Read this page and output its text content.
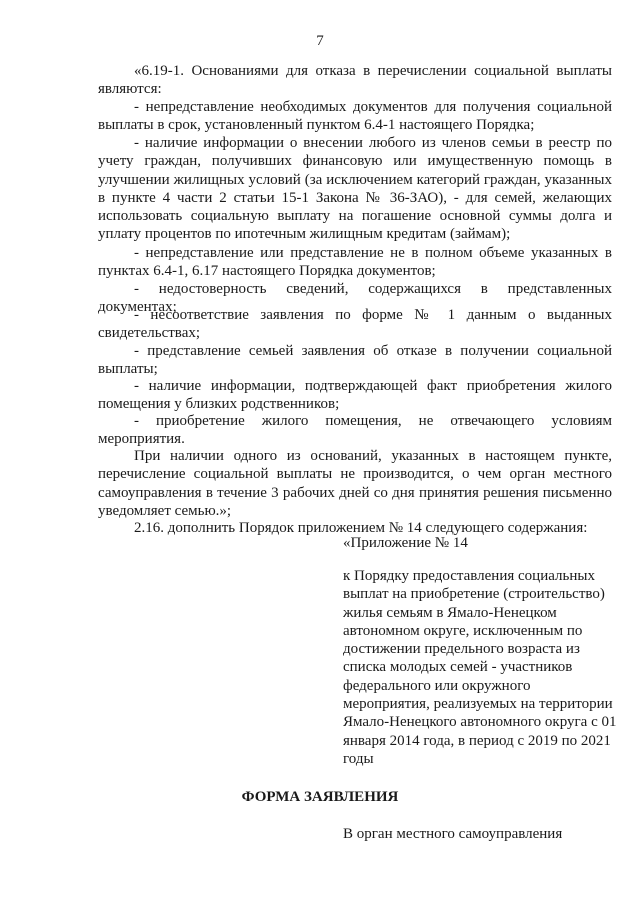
7
«6.19-1. Основаниями для отказа в перечислении социальной выплаты являются:
- непредставление необходимых документов для получения социальной выплаты в срок, установленный пунктом 6.4-1 настоящего Порядка;
- наличие информации о внесении любого из членов семьи в реестр по учету граждан, получивших финансовую или имущественную помощь в улучшении жилищных условий (за исключением категорий граждан, указанных в пункте 4 части 2 статьи 15-1 Закона № 36-ЗАО), - для семей, желающих использовать социальную выплату на погашение основной суммы долга и уплату процентов по ипотечным жилищным кредитам (займам);
- непредставление или представление не в полном объеме указанных в пунктах 6.4-1, 6.17 настоящего Порядка документов;
- недостоверность сведений, содержащихся в представленных документах;
- несоответствие заявления по форме № 1 данным о выданных свидетельствах;
- представление семьей заявления об отказе в получении социальной выплаты;
- наличие информации, подтверждающей факт приобретения жилого помещения у близких родственников;
- приобретение жилого помещения, не отвечающего условиям мероприятия.
При наличии одного из оснований, указанных в настоящем пункте, перечисление социальной выплаты не производится, о чем орган местного самоуправления в течение 3 рабочих дней со дня принятия решения письменно уведомляет семью.»;
2.16. дополнить Порядок приложением № 14 следующего содержания:
«Приложение № 14
к Порядку предоставления социальных выплат на приобретение (строительство) жилья семьям в Ямало-Ненецком автономном округе, исключенным по достижении предельного возраста из списка молодых семей - участников федерального или окружного мероприятия, реализуемых на территории Ямало-Ненецкого автономного округа с 01 января 2014 года, в период с 2019 по 2021 годы
ФОРМА ЗАЯВЛЕНИЯ
В орган местного самоуправления
